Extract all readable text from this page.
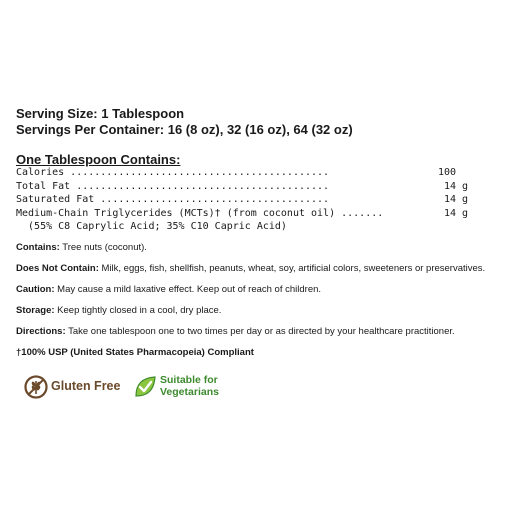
Serving Size: 1 Tablespoon
Servings Per Container: 16 (8 oz), 32 (16 oz), 64 (32 oz)
One Tablespoon Contains:
Calories ...........................................	100
Total Fat ..........................................	14 g
Saturated Fat ......................................	14 g
Medium-Chain Triglycerides (MCTs)† (from coconut oil) .......	14 g
(55% C8 Caprylic Acid; 35% C10 Capric Acid)
Contains: Tree nuts (coconut).
Does Not Contain: Milk, eggs, fish, shellfish, peanuts, wheat, soy, artificial colors, sweeteners or preservatives.
Caution: May cause a mild laxative effect. Keep out of reach of children.
Storage: Keep tightly closed in a cool, dry place.
Directions: Take one tablespoon one to two times per day or as directed by your healthcare practitioner.
†100% USP (United States Pharmacopeia) Compliant
Gluten Free	Suitable for
Vegetarians
